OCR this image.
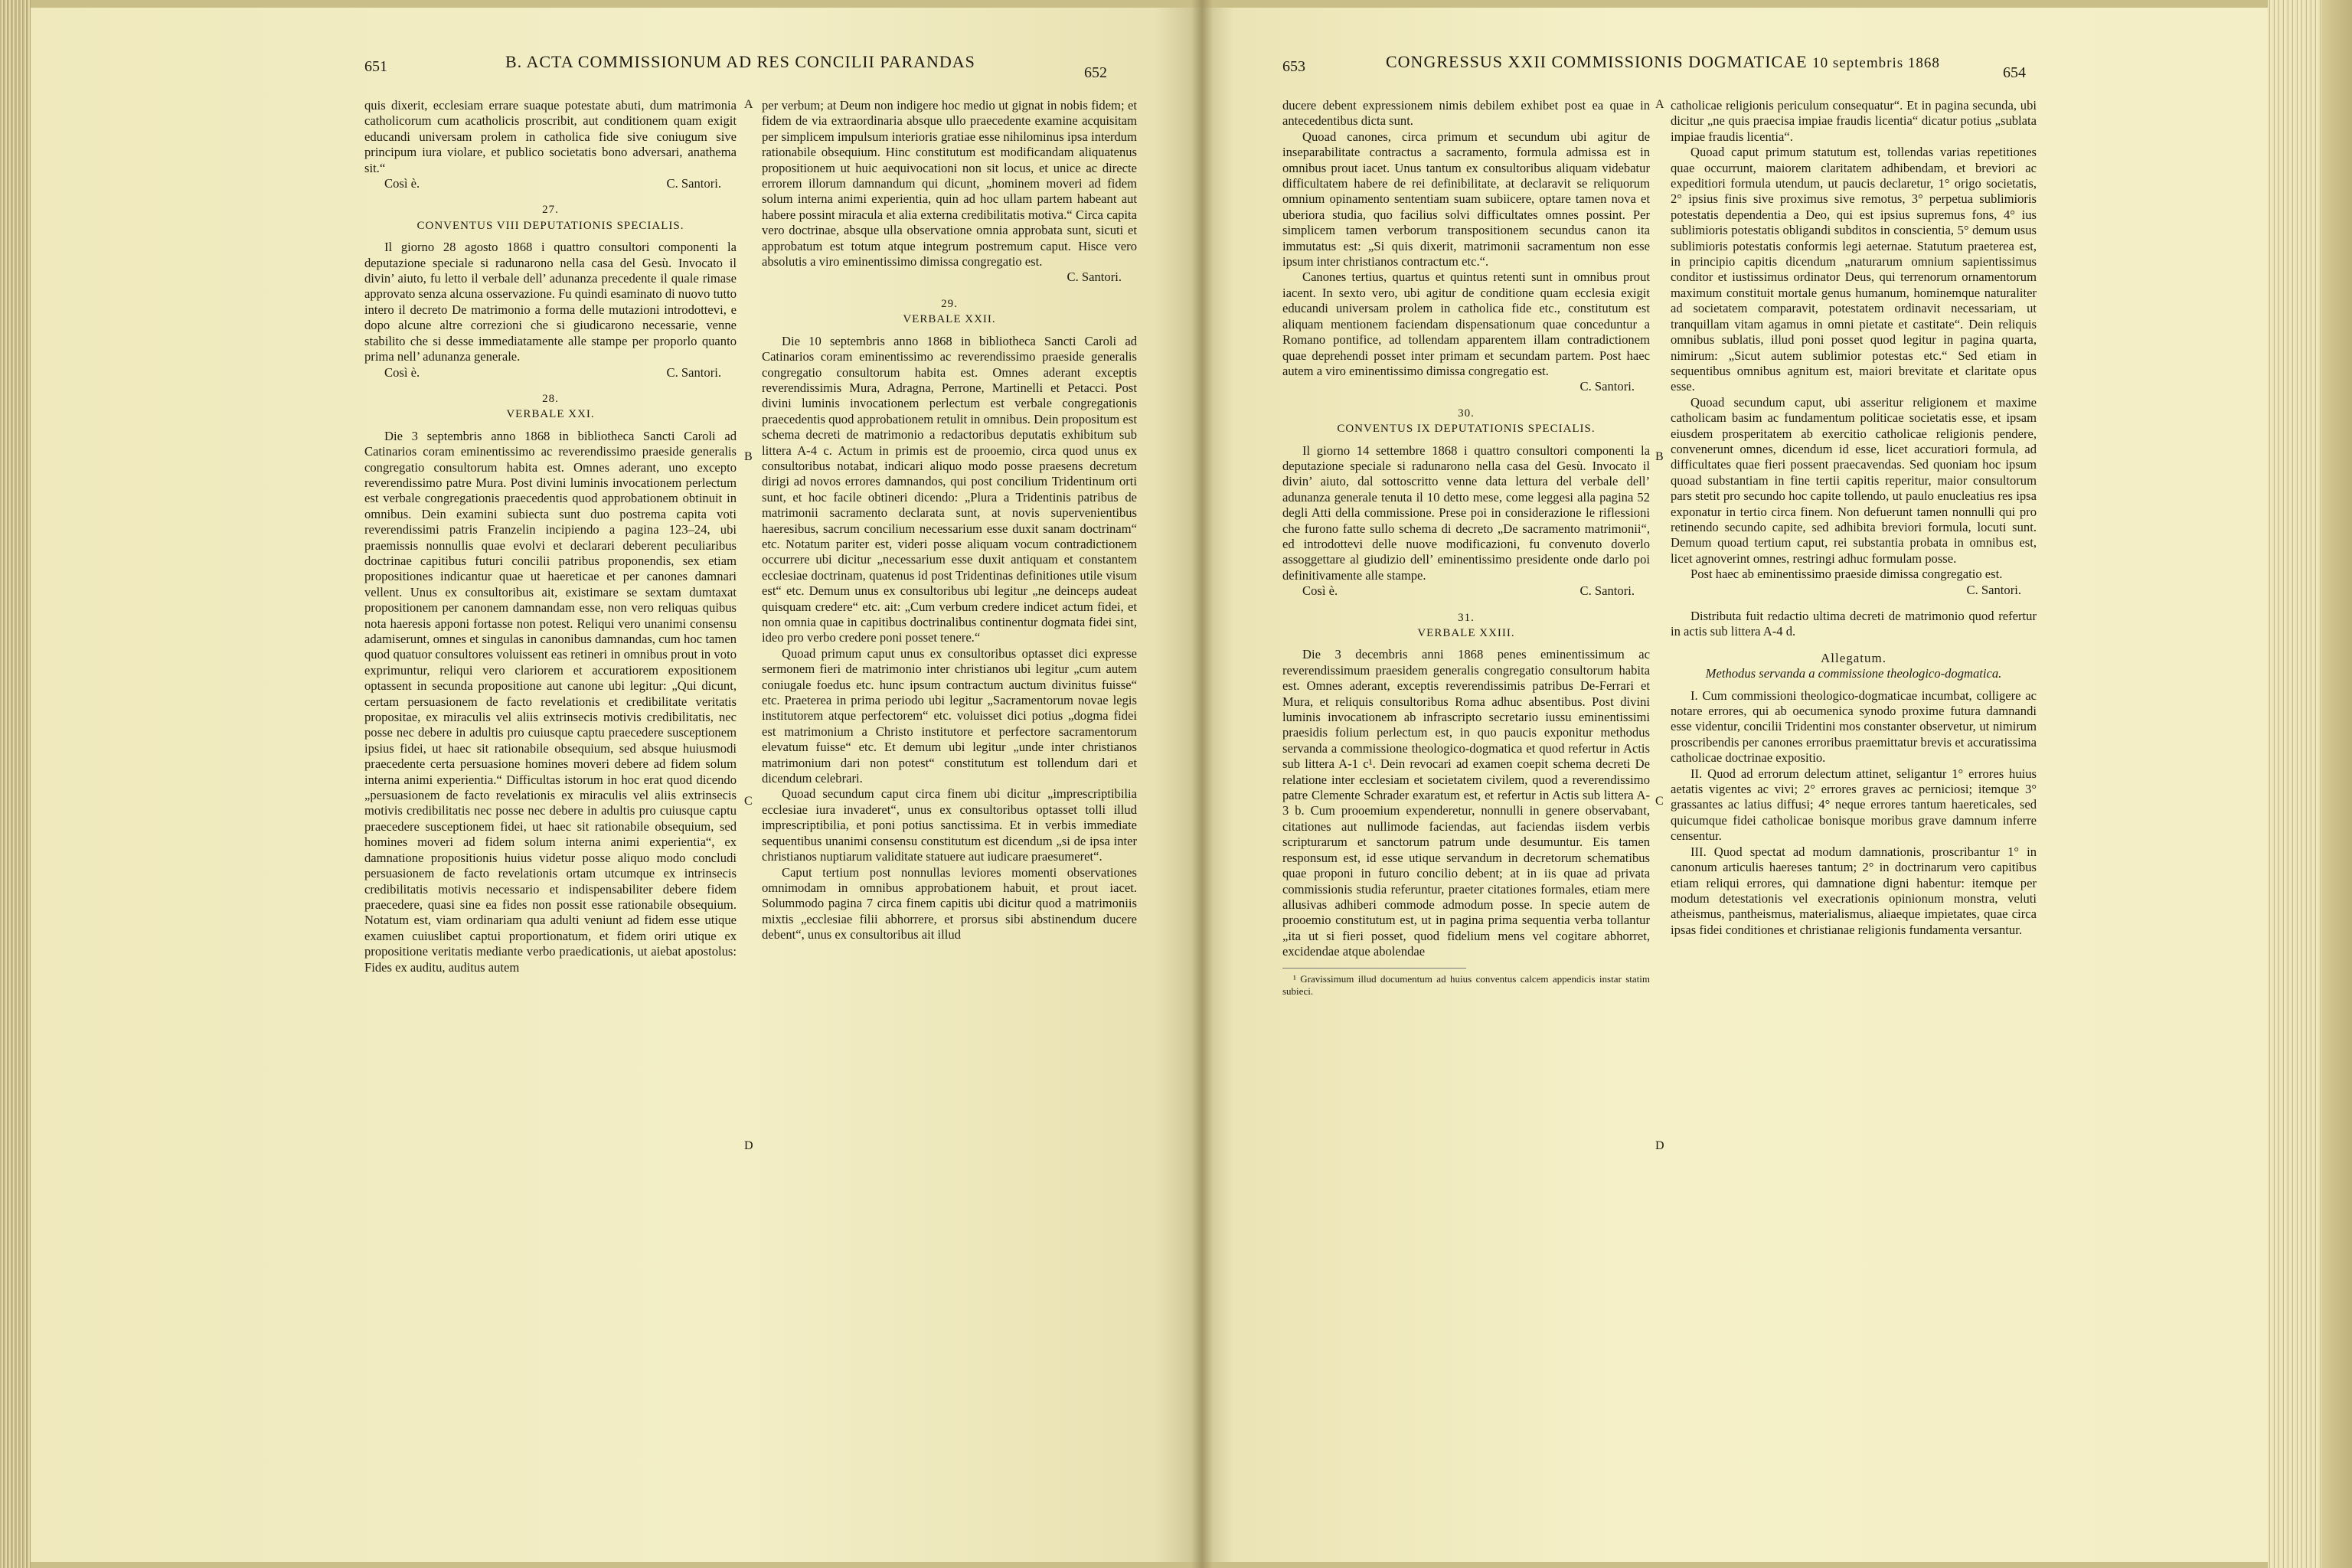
651	B. ACTA COMMISSIONUM AD RES CONCILII PARANDAS
652

quis dixerit, ecclesiam errare suaque potestate abuti, dum matrimonia catholicorum cum acatholicis proscribit, aut conditionem quam exigit educandi universam prolem in catholica fide sive coniugum sive principum iura violare, et publico societatis bono adversari, anathema sit.“

Così è.	C. Santori.

27.

CONVENTUS VIII DEPUTATIONIS SPECIALIS.

Il giorno 28 agosto 1868 i quattro consultori componenti la deputazione speciale si radunarono nella casa del Gesù. Invocato il divin’ aiuto, fu letto il verbale dell’ adunanza precedente il quale rimase approvato senza alcuna osservazione. Fu quindi esaminato di nuovo tutto intero il decreto De matrimonio a forma delle mutazioni introdottevi, e dopo alcune altre correzioni che si giudicarono necessarie, venne stabilito che si desse immediatamente alle stampe per proporlo quanto prima nell’ adunanza generale.

Così è.	C. Santori.

28.

VERBALE XXI.

Die 3 septembris anno 1868 in bibliotheca Sancti Caroli ad Catinarios coram eminentissimo ac reverendissimo praeside generalis congregatio consultorum habita est. Omnes aderant, uno excepto reverendissimo patre Mura. Post divini luminis invocationem perlectum est verbale congregationis praecedentis quod approbationem obtinuit in omnibus. Dein examini subiecta sunt duo postrema capita voti reverendissimi patris Franzelin incipiendo a pagina 123–24, ubi praemissis nonnullis quae evolvi et declarari deberent peculiaribus doctrinae capitibus futuri concilii patribus proponendis, sex etiam propositiones indicantur quae ut haereticae et per canones damnari vellent. Unus ex consultoribus ait, existimare se sextam dumtaxat propositionem per canonem damnandam esse, non vero reliquas quibus nota haeresis apponi fortasse non potest. Reliqui vero unanimi consensu adamiserunt, omnes et singulas in canonibus damnandas, cum hoc tamen quod quatuor consultores voluissent eas retineri in omnibus prout in voto exprimuntur, reliqui vero clariorem et accuratiorem expositionem optassent in secunda propositione aut canone ubi legitur: „Qui dicunt, certam persuasionem de facto revelationis et credibilitate veritatis propositae, ex miraculis vel aliis extrinsecis motivis credibilitatis, nec posse nec debere in adultis pro cuiusque captu praecedere susceptionem ipsius fidei, ut haec sit rationabile obsequium, sed absque huiusmodi praecedente certa persuasione homines moveri debere ad fidem solum interna animi experientia.“ Difficultas istorum in hoc erat quod dicendo „persuasionem de facto revelationis ex miraculis vel aliis extrinsecis motivis credibilitatis nec posse nec debere in adultis pro cuiusque captu praecedere susceptionem fidei, ut haec sit rationabile obsequium, sed homines moveri ad fidem solum interna animi experientia“, ex damnatione propositionis huius videtur posse aliquo modo concludi persuasionem de facto revelationis ortam utcumque ex intrinsecis credibilitatis motivis necessario et indispensabiliter debere fidem praecedere, quasi sine ea fides non possit esse rationabile obsequium. Notatum est, viam ordinariam qua adulti veniunt ad fidem esse utique examen cuiuslibet captui proportionatum, et fidem oriri utique ex propositione veritatis mediante verbo praedicationis, ut aiebat apostolus: Fides ex auditu, auditus autem

per verbum; at Deum non indigere hoc medio ut gignat in nobis fidem; et fidem de via extraordinaria absque ullo praecedente examine acquisitam per simplicem impulsum interioris gratiae esse nihilominus ipsa interdum rationabile obsequium. Hinc constitutum est modificandam aliquatenus propositionem ut huic aequivocationi non sit locus, et unice ac directe errorem illorum damnandum qui dicunt, „hominem moveri ad fidem solum interna animi experientia, quin ad hoc ullam partem habeant aut habere possint miracula et alia externa credibilitatis motiva.“ Circa capita vero doctrinae, absque ulla observatione omnia approbata sunt, sicuti et approbatum est totum atque integrum postremum caput. Hisce vero absolutis a viro eminentissimo dimissa congregatio est.

C. Santori.

29.

VERBALE XXII.

Die 10 septembris anno 1868 in bibliotheca Sancti Caroli ad Catinarios coram eminentissimo ac reverendissimo praeside generalis congregatio consultorum habita est. Omnes aderant exceptis reverendissimis Mura, Adragna, Perrone, Martinelli et Petacci. Post divini luminis invocationem perlectum est verbale congregationis praecedentis quod approbationem retulit in omnibus. Dein propositum est schema decreti de matrimonio a redactoribus deputatis exhibitum sub littera A-4 c. Actum in primis est de prooemio, circa quod unus ex consultoribus notabat, indicari aliquo modo posse praesens decretum dirigi ad novos errores damnandos, qui post concilium Tridentinum orti sunt, et hoc facile obtineri dicendo: „Plura a Tridentinis patribus de matrimonii sacramento declarata sunt, at novis supervenientibus haeresibus, sacrum concilium necessarium esse duxit sanam doctrinam“ etc. Notatum pariter est, videri posse aliquam vocum contradictionem occurrere ubi dicitur „necessarium esse duxit antiquam et constantem ecclesiae doctrinam, quatenus id post Tridentinas definitiones utile visum est“ etc. Demum unus ex consultoribus ubi legitur „ne deinceps audeat quisquam credere“ etc. ait: „Cum verbum credere indicet actum fidei, et non omnia quae in capitibus doctrinalibus continentur dogmata fidei sint, ideo pro verbo credere poni posset tenere.“

Quoad primum caput unus ex consultoribus optasset dici expresse sermonem fieri de matrimonio inter christianos ubi legitur „cum autem coniugale foedus etc. hunc ipsum contractum auctum divinitus fuisse“ etc. Praeterea in prima periodo ubi legitur „Sacramentorum novae legis institutorem atque perfectorem“ etc. voluisset dici potius „dogma fidei est matrimonium a Christo institutore et perfectore sacramentorum elevatum fuisse“ etc. Et demum ubi legitur „unde inter christianos matrimonium dari non potest“ constitutum est tollendum dari et dicendum celebrari.

Quoad secundum caput circa finem ubi dicitur „imprescriptibilia ecclesiae iura invaderet“, unus ex consultoribus optasset tolli illud imprescriptibilia, et poni potius sanctissima. Et in verbis immediate sequentibus unanimi consensu constitutum est dicendum „si de ipsa inter christianos nuptiarum validitate statuere aut iudicare praesumeret“.

Caput tertium post nonnullas leviores momenti observationes omnimodam in omnibus approbationem habuit, et prout iacet. Solummodo pagina 7 circa finem capitis ubi dicitur quod a matrimoniis mixtis „ecclesiae filii abhorrere, et prorsus sibi abstinendum ducere debent“, unus ex consultoribus ait illud

A
B
C
D
653	CONGRESSUS XXII COMMISSIONIS DOGMATICAE 10 septembris 1868
654

ducere debent expressionem nimis debilem exhibet post ea quae in antecedentibus dicta sunt.

Quoad canones, circa primum et secundum ubi agitur de inseparabilitate contractus a sacramento, formula admissa est in omnibus prout iacet. Unus tantum ex consultoribus aliquam videbatur difficultatem habere de rei definibilitate, at declaravit se reliquorum omnium opinamento sententiam suam subiicere, optare tamen nova et uberiora studia, quo facilius solvi difficultates omnes possint. Per simplicem tamen verborum transpositionem secundus canon ita immutatus est: „Si quis dixerit, matrimonii sacramentum non esse ipsum inter christianos contractum etc.“.

Canones tertius, quartus et quintus retenti sunt in omnibus prout iacent. In sexto vero, ubi agitur de conditione quam ecclesia exigit educandi universam prolem in catholica fide etc., constitutum est aliquam mentionem faciendam dispensationum quae conceduntur a Romano pontifice, ad tollendam apparentem illam contradictionem quae deprehendi posset inter primam et secundam partem. Post haec autem a viro eminentissimo dimissa congregatio est.

C. Santori.

30.

CONVENTUS IX DEPUTATIONIS SPECIALIS.

Il giorno 14 settembre 1868 i quattro consultori componenti la deputazione speciale si radunarono nella casa del Gesù. Invocato il divin’ aiuto, dal sottoscritto venne data lettura del verbale dell’ adunanza generale tenuta il 10 detto mese, come leggesi alla pagina 52 degli Atti della commissione. Prese poi in considerazione le riflessioni che furono fatte sullo schema di decreto „De sacramento matrimonii“, ed introdottevi delle nuove modificazioni, fu convenuto doverlo assoggettare al giudizio dell’ eminentissimo presidente onde darlo poi definitivamente alle stampe.

Così è.	C. Santori.

31.

VERBALE XXIII.

Die 3 decembris anni 1868 penes eminentissimum ac reverendissimum praesidem generalis congregatio consultorum habita est. Omnes aderant, exceptis reverendissimis patribus De-Ferrari et Mura, et reliquis consultoribus Roma adhuc absentibus. Post divini luminis invocationem ab infrascripto secretario iussu eminentissimi praesidis folium perlectum est, in quo paucis exponitur methodus servanda a commissione theologico-dogmatica et quod refertur in Actis sub littera A-1 c¹. Dein revocari ad examen coepit schema decreti De relatione inter ecclesiam et societatem civilem, quod a reverendissimo patre Clemente Schrader exaratum est, et refertur in Actis sub littera A-3 b. Cum prooemium expenderetur, nonnulli in genere observabant, citationes aut nullimode faciendas, aut faciendas iisdem verbis scripturarum et sanctorum patrum unde desumuntur. Eis tamen responsum est, id esse utique servandum in decretorum schematibus quae proponi in futuro concilio debent; at in iis quae ad privata commissionis studia referuntur, praeter citationes formales, etiam mere allusivas adhiberi commode admodum posse. In specie autem de prooemio constitutum est, ut in pagina prima sequentia verba tollantur „ita ut si fieri posset, quod fidelium mens vel cogitare abhorret, excidendae atque abolendae

¹ Gravissimum illud documentum ad huius conventus calcem appendicis instar statim subieci.

catholicae religionis periculum consequatur“. Et in pagina secunda, ubi dicitur „ne quis praecisa impiae fraudis licentia“ dicatur potius „sublata impiae fraudis licentia“.

Quoad caput primum statutum est, tollendas varias repetitiones quae occurrunt, maiorem claritatem adhibendam, et breviori ac expeditiori formula utendum, ut paucis declaretur, 1° origo societatis, 2° ipsius finis sive proximus sive remotus, 3° perpetua sublimioris potestatis dependentia a Deo, qui est ipsius supremus fons, 4° ius sublimioris potestatis obligandi subditos in conscientia, 5° demum usus sublimioris potestatis conformis legi aeternae. Statutum praeterea est, in principio capitis dicendum „naturarum omnium sapientissimus conditor et iustissimus ordinator Deus, qui terrenorum ornamentorum maximum constituit mortale genus humanum, hominemque naturaliter ad societatem comparavit, potestatem ordinavit necessariam, ut tranquillam vitam agamus in omni pietate et castitate“. Dein reliquis omnibus sublatis, illud poni posset quod legitur in pagina quarta, nimirum: „Sicut autem sublimior potestas etc.“ Sed etiam in sequentibus omnibus agnitum est, maiori brevitate et claritate opus esse.

Quoad secundum caput, ubi asseritur religionem et maxime catholicam basim ac fundamentum politicae societatis esse, et ipsam eiusdem prosperitatem ab exercitio catholicae religionis pendere, convenerunt omnes, dicendum id esse, licet accuratiori formula, ad difficultates quae fieri possent praecavendas. Sed quoniam hoc ipsum quoad substantiam in fine tertii capitis reperitur, maior consultorum pars stetit pro secundo hoc capite tollendo, ut paulo enucleatius res ipsa exponatur in tertio circa finem. Non defuerunt tamen nonnulli qui pro retinendo secundo capite, sed adhibita breviori formula, locuti sunt. Demum quoad tertium caput, rei substantia probata in omnibus est, licet agnoverint omnes, restringi adhuc formulam posse.

Post haec ab eminentissimo praeside dimissa congregatio est.

C. Santori.

Distributa fuit redactio ultima decreti de matrimonio quod refertur in actis sub littera A-4 d.

Allegatum.

Methodus servanda a commissione theologico-dogmatica.

I. Cum commissioni theologico-dogmaticae incumbat, colligere ac notare errores, qui ab oecumenica synodo proxime futura damnandi esse videntur, concilii Tridentini mos constanter observetur, ut nimirum proscribendis per canones erroribus praemittatur brevis et accuratissima catholicae doctrinae expositio.

II. Quod ad errorum delectum attinet, seligantur 1° errores huius aetatis vigentes ac vivi; 2° errores graves ac perniciosi; itemque 3° grassantes ac latius diffusi; 4° neque errores tantum haereticales, sed quicumque fidei catholicae bonisque moribus grave damnum inferre censentur.

III. Quod spectat ad modum damnationis, proscribantur 1° in canonum articulis haereses tantum; 2° in doctrinarum vero capitibus etiam reliqui errores, qui damnatione digni habentur: itemque per modum detestationis vel execrationis opinionum monstra, veluti atheismus, pantheismus, materialismus, aliaeque impietates, quae circa ipsas fidei conditiones et christianae religionis fundamenta versantur.

A
B
C
D
